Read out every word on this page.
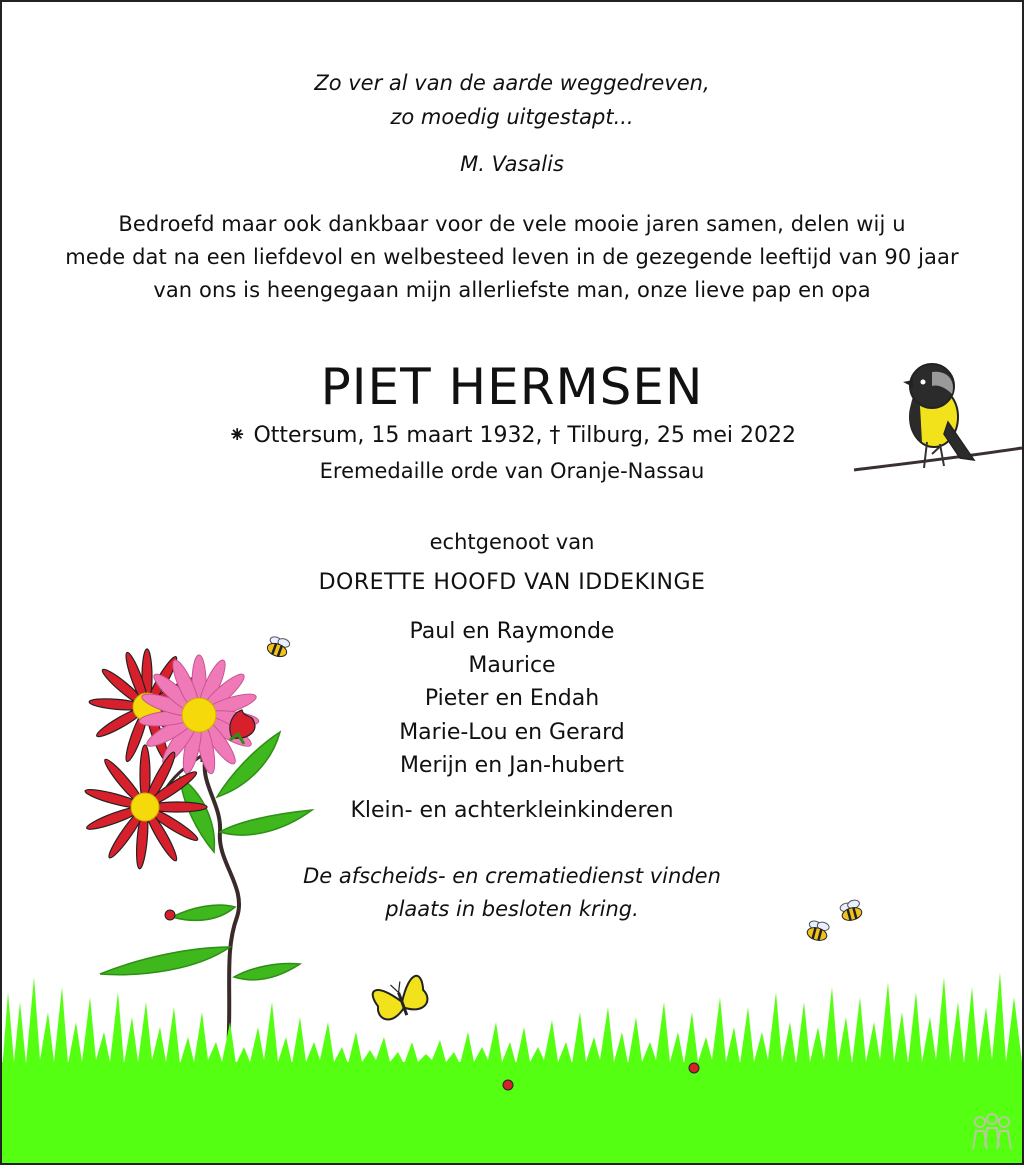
Zo ver al van de aarde weggedreven,
zo moedig uitgestapt...
M. Vasalis
Bedroefd maar ook dankbaar voor de vele mooie jaren samen, delen wij u
mede dat na een liefdevol en welbesteed leven in de gezegende leeftijd van 90 jaar
van ons is heengegaan mijn allerliefste man, onze lieve pap en opa
PIET HERMSEN
⁕ Ottersum, 15 maart 1932, † Tilburg, 25 mei 2022
Eremedaille orde van Oranje-Nassau
echtgenoot van
DORETTE HOOFD VAN IDDEKINGE
Paul en Raymonde
Maurice
Pieter en Endah
Marie-Lou en Gerard
Merijn en Jan-hubert
Klein- en achterkleinkinderen
De afscheids- en crematiedienst vinden
plaats in besloten kring.
